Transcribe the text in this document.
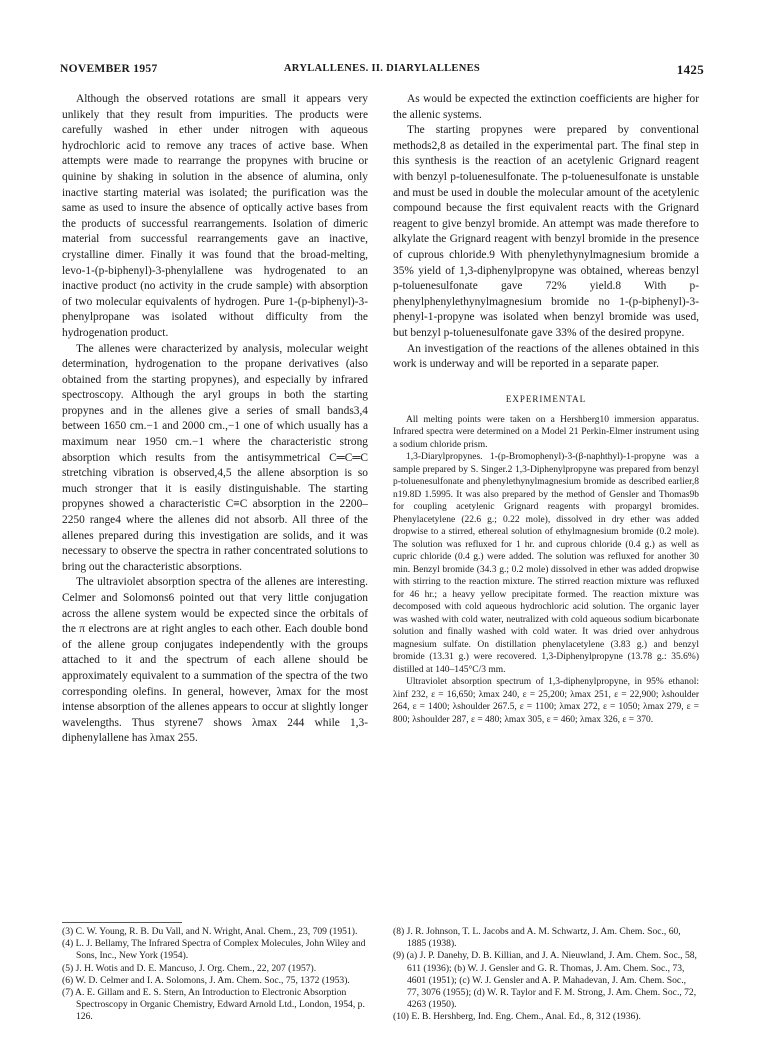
NOVEMBER 1957	ARYLALLENES. II. DIARYLALLENES	1425

Although the observed rotations are small it appears very unlikely that they result from impurities. The products were carefully washed in ether under nitrogen with aqueous hydrochloric acid to remove any traces of active base. When attempts were made to rearrange the propynes with brucine or quinine by shaking in solution in the absence of alumina, only inactive starting material was isolated; the purification was the same as used to insure the absence of optically active bases from the products of successful rearrangements. Isolation of dimeric material from successful rearrangements gave an inactive, crystalline dimer. Finally it was found that the broad-melting, levo-1-(p-biphenyl)-3-phenylallene was hydrogenated to an inactive product (no activity in the crude sample) with absorption of two molecular equivalents of hydrogen. Pure 1-(p-biphenyl)-3-phenylpropane was isolated without difficulty from the hydrogenation product.

The allenes were characterized by analysis, molecular weight determination, hydrogenation to the propane derivatives (also obtained from the starting propynes), and especially by infrared spectroscopy. Although the aryl groups in both the starting propynes and in the allenes give a series of small bands3,4 between 1650 cm.−1 and 2000 cm.,−1 one of which usually has a maximum near 1950 cm.−1 where the characteristic strong absorption which results from the antisymmetrical C═C═C stretching vibration is observed,4,5 the allene absorption is so much stronger that it is easily distinguishable. The starting propynes showed a characteristic C≡C absorption in the 2200–2250 range4 where the allenes did not absorb. All three of the allenes prepared during this investigation are solids, and it was necessary to observe the spectra in rather concentrated solutions to bring out the characteristic absorptions.

The ultraviolet absorption spectra of the allenes are interesting. Celmer and Solomons6 pointed out that very little conjugation across the allene system would be expected since the orbitals of the π electrons are at right angles to each other. Each double bond of the allene group conjugates independently with the groups attached to it and the spectrum of each allene should be approximately equivalent to a summation of the spectra of the two corresponding olefins. In general, however, λmax for the most intense absorption of the allenes appears to occur at slightly longer wavelengths. Thus styrene7 shows λmax 244 while 1,3-diphenylallene has λmax 255.

As would be expected the extinction coefficients are higher for the allenic systems.

The starting propynes were prepared by conventional methods2,8 as detailed in the experimental part. The final step in this synthesis is the reaction of an acetylenic Grignard reagent with benzyl p-toluenesulfonate. The p-toluenesulfonate is unstable and must be used in double the molecular amount of the acetylenic compound because the first equivalent reacts with the Grignard reagent to give benzyl bromide. An attempt was made therefore to alkylate the Grignard reagent with benzyl bromide in the presence of cuprous chloride.9 With phenylethynylmagnesium bromide a 35% yield of 1,3-diphenylpropyne was obtained, whereas benzyl p-toluenesulfonate gave 72% yield.8 With p-phenylphenylethynylmagnesium bromide no 1-(p-biphenyl)-3-phenyl-1-propyne was isolated when benzyl bromide was used, but benzyl p-toluenesulfonate gave 33% of the desired propyne.

An investigation of the reactions of the allenes obtained in this work is underway and will be reported in a separate paper.

EXPERIMENTAL

All melting points were taken on a Hershberg10 immersion apparatus. Infrared spectra were determined on a Model 21 Perkin-Elmer instrument using a sodium chloride prism.

1,3-Diarylpropynes. 1-(p-Bromophenyl)-3-(β-naphthyl)-1-propyne was a sample prepared by S. Singer.2 1,3-Diphenylpropyne was prepared from benzyl p-toluenesulfonate and phenylethynylmagnesium bromide as described earlier,8 n19.8D 1.5995. It was also prepared by the method of Gensler and Thomas9b for coupling acetylenic Grignard reagents with propargyl bromides. Phenylacetylene (22.6 g.; 0.22 mole), dissolved in dry ether was added dropwise to a stirred, ethereal solution of ethylmagnesium bromide (0.2 mole). The solution was refluxed for 1 hr. and cuprous chloride (0.4 g.) as well as cupric chloride (0.4 g.) were added. The solution was refluxed for another 30 min. Benzyl bromide (34.3 g.; 0.2 mole) dissolved in ether was added dropwise with stirring to the reaction mixture. The stirred reaction mixture was refluxed for 46 hr.; a heavy yellow precipitate formed. The reaction mixture was decomposed with cold aqueous hydrochloric acid solution. The organic layer was washed with cold water, neutralized with cold aqueous sodium bicarbonate solution and finally washed with cold water. It was dried over anhydrous magnesium sulfate. On distillation phenylacetylene (3.83 g.) and benzyl bromide (13.31 g.) were recovered. 1,3-Diphenylpropyne (13.78 g.: 35.6%) distilled at 140–145°C/3 mm.

Ultraviolet absorption spectrum of 1,3-diphenylpropyne, in 95% ethanol: λinf 232, ε = 16,650; λmax 240, ε = 25,200; λmax 251, ε = 22,900; λshoulder 264, ε = 1400; λshoulder 267.5, ε = 1100; λmax 272, ε = 1050; λmax 279, ε = 800; λshoulder 287, ε = 480; λmax 305, ε = 460; λmax 326, ε = 370.

(3) C. W. Young, R. B. Du Vall, and N. Wright, Anal. Chem., 23, 709 (1951).

(4) L. J. Bellamy, The Infrared Spectra of Complex Molecules, John Wiley and Sons, Inc., New York (1954).

(5) J. H. Wotis and D. E. Mancuso, J. Org. Chem., 22, 207 (1957).

(6) W. D. Celmer and I. A. Solomons, J. Am. Chem. Soc., 75, 1372 (1953).

(7) A. E. Gillam and E. S. Stern, An Introduction to Electronic Absorption Spectroscopy in Organic Chemistry, Edward Arnold Ltd., London, 1954, p. 126.

(8) J. R. Johnson, T. L. Jacobs and A. M. Schwartz, J. Am. Chem. Soc., 60, 1885 (1938).

(9) (a) J. P. Danehy, D. B. Killian, and J. A. Nieuwland, J. Am. Chem. Soc., 58, 611 (1936); (b) W. J. Gensler and G. R. Thomas, J. Am. Chem. Soc., 73, 4601 (1951); (c) W. J. Gensler and A. P. Mahadevan, J. Am. Chem. Soc., 77, 3076 (1955); (d) W. R. Taylor and F. M. Strong, J. Am. Chem. Soc., 72, 4263 (1950).

(10) E. B. Hershberg, Ind. Eng. Chem., Anal. Ed., 8, 312 (1936).
